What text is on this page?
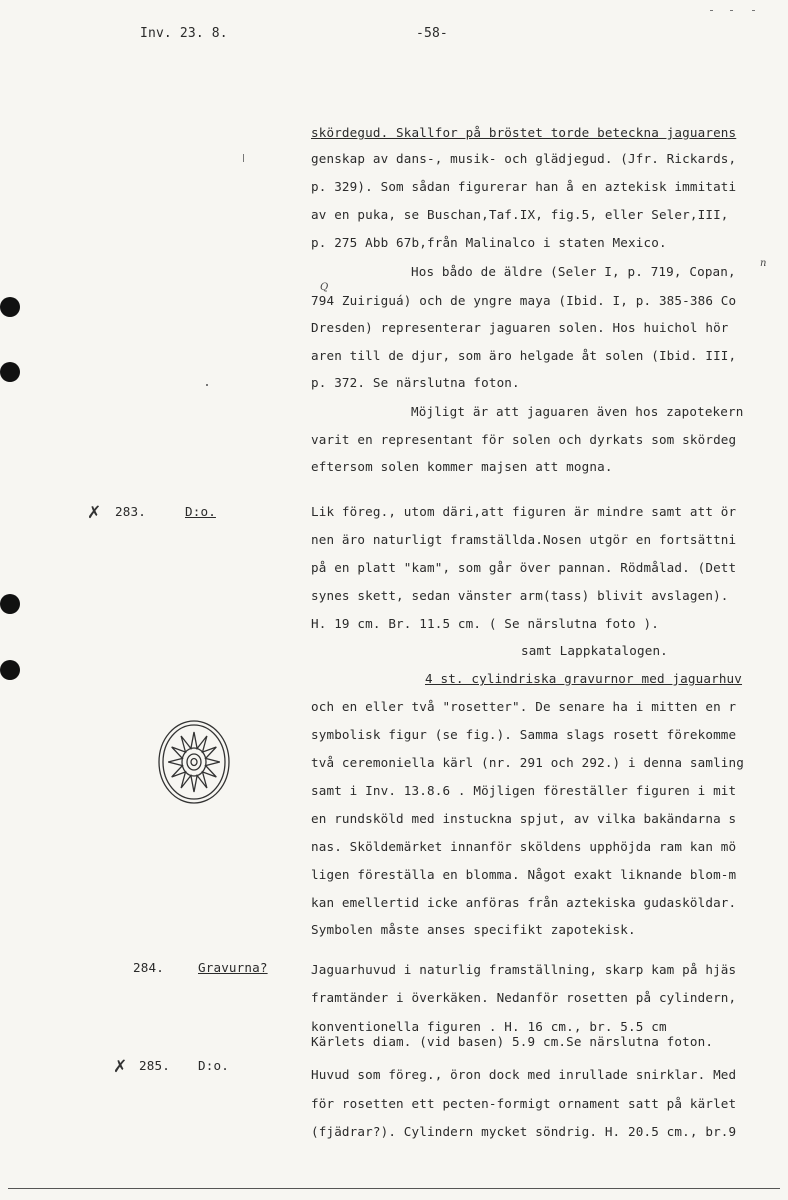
Inv. 23. 8.	-58-
n
Q
skördegud. Skallfor på bröstet torde beteckna jaguarens
genskap av dans-, musik- och glädjegud. (Jfr. Rickards,
p. 329). Som sådan figurerar han å en aztekisk immitati
av en puka, se Buschan,Taf.IX, fig.5, eller Seler,III,
p. 275 Abb 67b,från Malinalco i staten Mexico.
Hos bådo de äldre (Seler I, p. 719, Copan,
794 Zuiriguá) och de yngre maya (Ibid. I, p. 385-386 Co
Dresden) representerar jaguaren solen. Hos huichol hör
aren till de djur, som äro helgade åt solen (Ibid. III,
p. 372. Se närslutna foton.
Möjligt är att jaguaren även hos zapotekern
varit en representant för solen och dyrkats som skördeg
eftersom solen kommer majsen att mogna.
✗ 283.	D:o.	Lik föreg., utom däri,att figuren är mindre samt att ör
nen äro naturligt framställda.Nosen utgör en fortsättni
på en platt "kam", som går över pannan. Rödmålad. (Dett
synes skett, sedan vänster arm(tass) blivit avslagen).
H. 19 cm. Br. 11.5 cm. ( Se närslutna foto ).
samt Lappkatalogen.
4 st. cylindriska gravurnor med jaguarhuv
och en eller två "rosetter". De senare ha i mitten en r
symbolisk figur (se fig.). Samma slags rosett förekomme
två ceremoniella kärl (nr. 291 och 292.) i denna samling
samt i Inv. 13.8.6 . Möjligen föreställer figuren i mit
en rundsköld med instuckna spjut, av vilka bakändarna s
nas. Sköldemärket innanför sköldens upphöjda ram kan mö
ligen föreställa en blomma. Något exakt liknande blom-m
kan emellertid icke anföras från aztekiska gudasköldar.
Symbolen måste anses specifikt zapotekisk.
284.	Gravurna?	Jaguarhuvud i naturlig framställning, skarp kam på hjäs
framtänder i överkäken. Nedanför rosetten på cylindern,
konventionella figuren . H. 16 cm., br. 5.5 cm
Kärlets diam. (vid basen) 5.9 cm.Se närslutna foton.
✗ 285. D:o.
Huvud som föreg., öron dock med inrullade snirklar. Med
för rosetten ett pecten-formigt ornament satt på kärlet
(fjädrar?). Cylindern mycket söndrig. H. 20.5 cm., br.9
